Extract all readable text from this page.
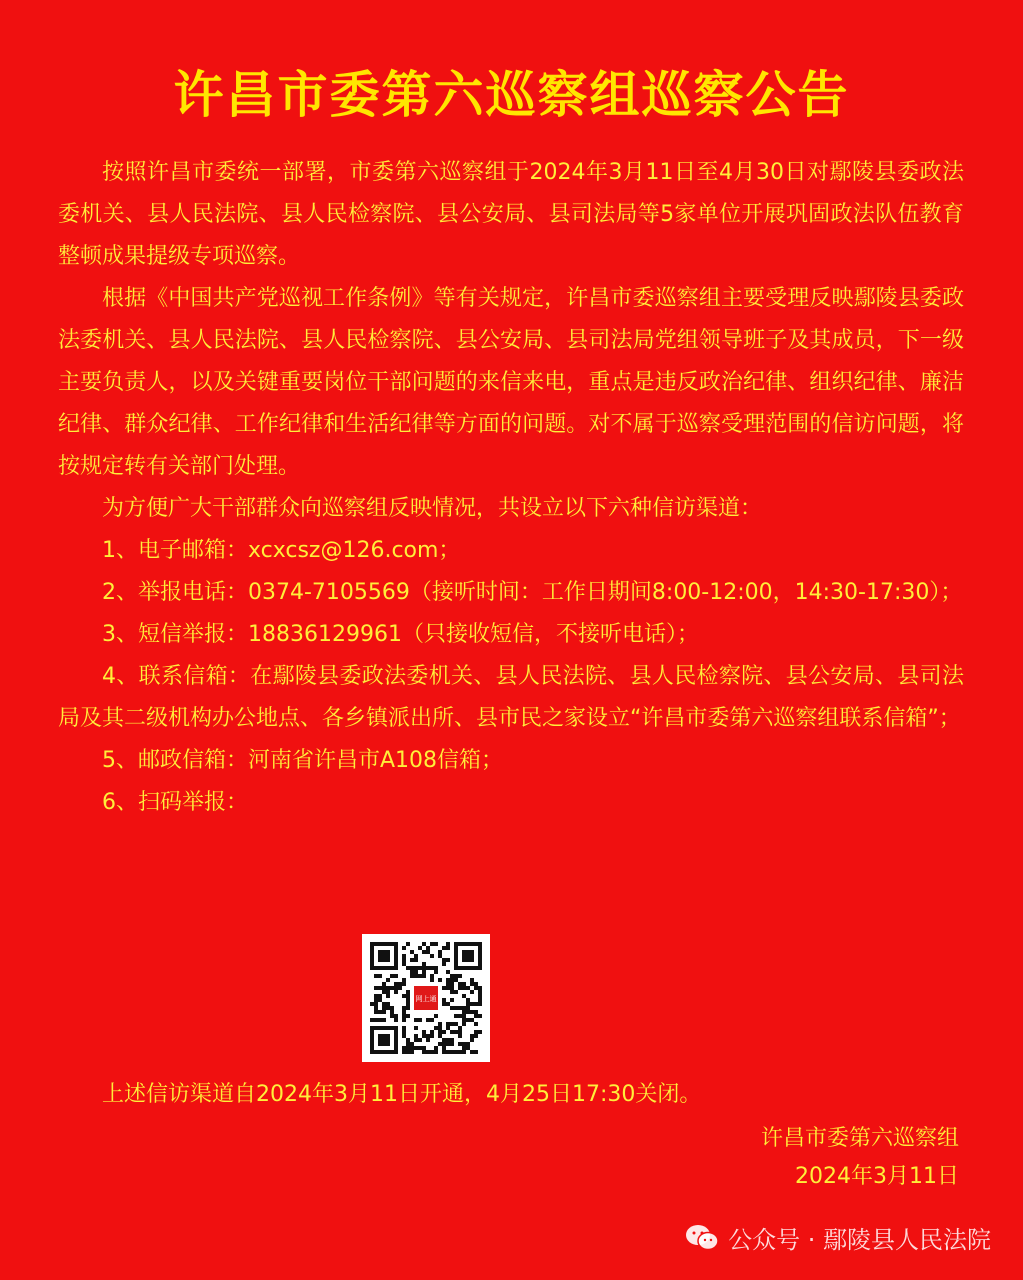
许昌市委第六巡察组巡察公告

按照许昌市委统一部署，市委第六巡察组于2024年3月11日至4月30日对鄢陵县委政法委机关、县人民法院、县人民检察院、县公安局、县司法局等5家单位开展巩固政法队伍教育整顿成果提级专项巡察。

根据《中国共产党巡视工作条例》等有关规定，许昌市委巡察组主要受理反映鄢陵县委政法委机关、县人民法院、县人民检察院、县公安局、县司法局党组领导班子及其成员，下一级主要负责人，以及关键重要岗位干部问题的来信来电，重点是违反政治纪律、组织纪律、廉洁纪律、群众纪律、工作纪律和生活纪律等方面的问题。对不属于巡察受理范围的信访问题，将按规定转有关部门处理。

为方便广大干部群众向巡察组反映情况，共设立以下六种信访渠道：

1、电子邮箱：xcxcsz@126.com；

2、举报电话：0374-7105569（接听时间：工作日期间8:00-12:00，14:30-17:30）；

3、短信举报：18836129961（只接收短信，不接听电话）；

4、联系信箱：在鄢陵县委政法委机关、县人民法院、县人民检察院、县公安局、县司法局及其二级机构办公地点、各乡镇派出所、县市民之家设立“许昌市委第六巡察组联系信箱”；

5、邮政信箱：河南省许昌市A108信箱；

6、扫码举报：

网上通
上述信访渠道自2024年3月11日开通，4月25日17:30关闭。
许昌市委第六巡察组
2024年3月11日
公众号 · 鄢陵县人民法院
